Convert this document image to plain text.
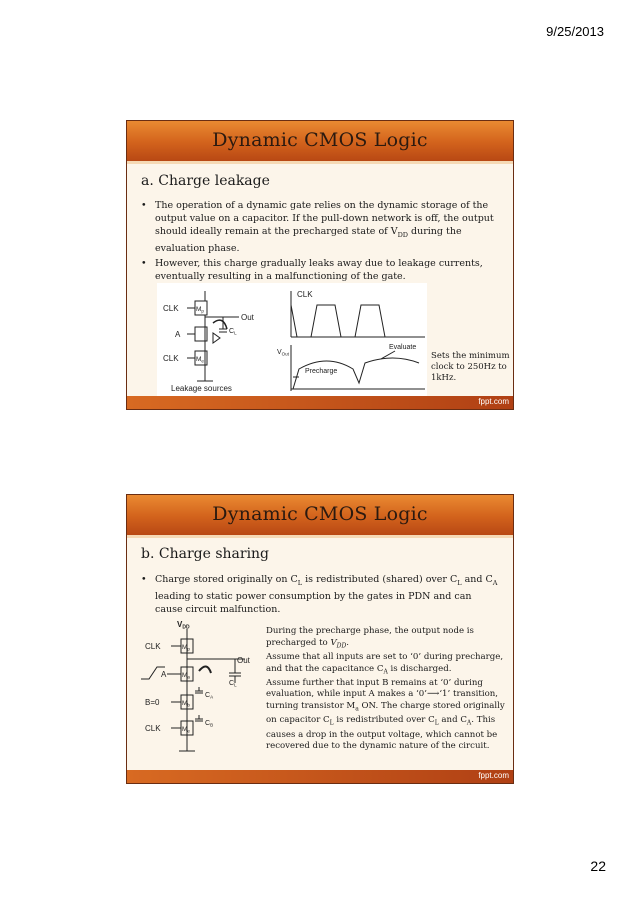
9/25/2013
Dynamic CMOS Logic
a. Charge leakage
• The operation of a dynamic gate relies on the dynamic storage of the output value on a capacitor. If the pull-down network is off, the output should ideally remain at the precharged state of $V_{DD}$ during the evaluation phase.
• However, this charge gradually leaks away due to leakage currents, eventually resulting in a malfunctioning of the gate.
CLK	$M_p$
Out
A	$C_L$
CLK	$M_e$
Leakage sources
CLK
$V_{Out}$
Evaluate
Precharge
Sets the minimum clock to 250Hz to 1kHz.
fppt.com
Dynamic CMOS Logic
b. Charge sharing
• Charge stored originally on $C_L$ is redistributed (shared) over $C_L$ and $C_A$ leading to static power consumption by the gates in PDN and can cause circuit malfunction.
VDD
CLK	$M_p$
Out
A $M_a$
$C_L$
B=0	$M_b$
$C_A$
CLK	$M_e$
$C_B$
During the precharge phase, the output node is precharged to $V_{DD}$.
Assume that all inputs are set to ‘0’ during precharge, and that the capacitance $C_A$ is discharged.
Assume further that input B remains at ‘0’ during evaluation, while input A makes a ‘0’⟶‘1’ transition, turning transistor $M_a$ ON. The charge stored originally on capacitor $C_L$ is redistributed over $C_L$ and $C_A$. This causes a drop in the output voltage, which cannot be recovered due to the dynamic nature of the circuit.
fppt.com
22
